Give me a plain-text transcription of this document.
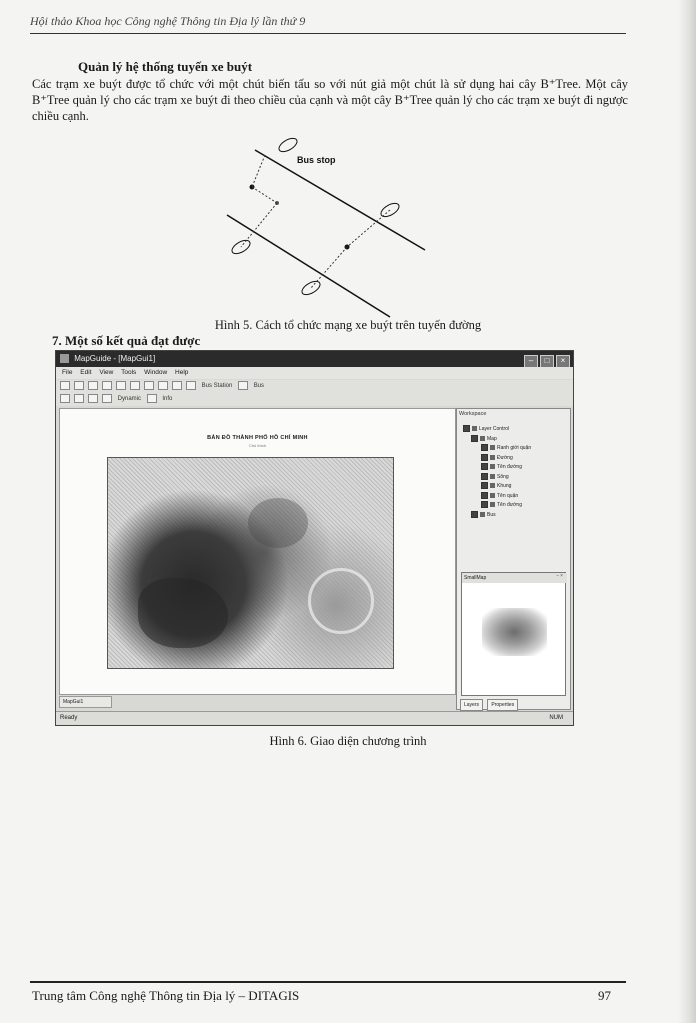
Hội thảo Khoa học Công nghệ Thông tin Địa lý lần thứ 9
Quản lý hệ thống tuyến xe buýt
Các trạm xe buýt được tổ chức với một chút biến tấu so với nút giả một chút là sử dụng hai cây B⁺Tree. Một cây B⁺Tree quản lý cho các trạm xe buýt đi theo chiều của cạnh và một cây B⁺Tree quản lý cho các trạm xe buýt đi ngược chiều cạnh.
Bus stop
Hình 5. Cách tổ chức mạng xe buýt trên tuyến đường
7. Một số kết quả đạt được
MapGuide - [MapGui1]	– □ ×
File Edit View Tools Window Help
Bus Station	Bus
Dynamic	Info
BẢN ĐỒ THÀNH PHỐ HỒ CHÍ MINH
Chú thích
MapGui1
Workspace
Layer Control
Map
Ranh giới quận
Đường
Tên đường
Sông
Khung
Tên quận
Tên đường
Bus
SmallMap	– ×
Layers Properties
Ready	NUM
Hình 6. Giao diện chương trình
Trung tâm Công nghệ Thông tin Địa lý – DITAGIS	97
